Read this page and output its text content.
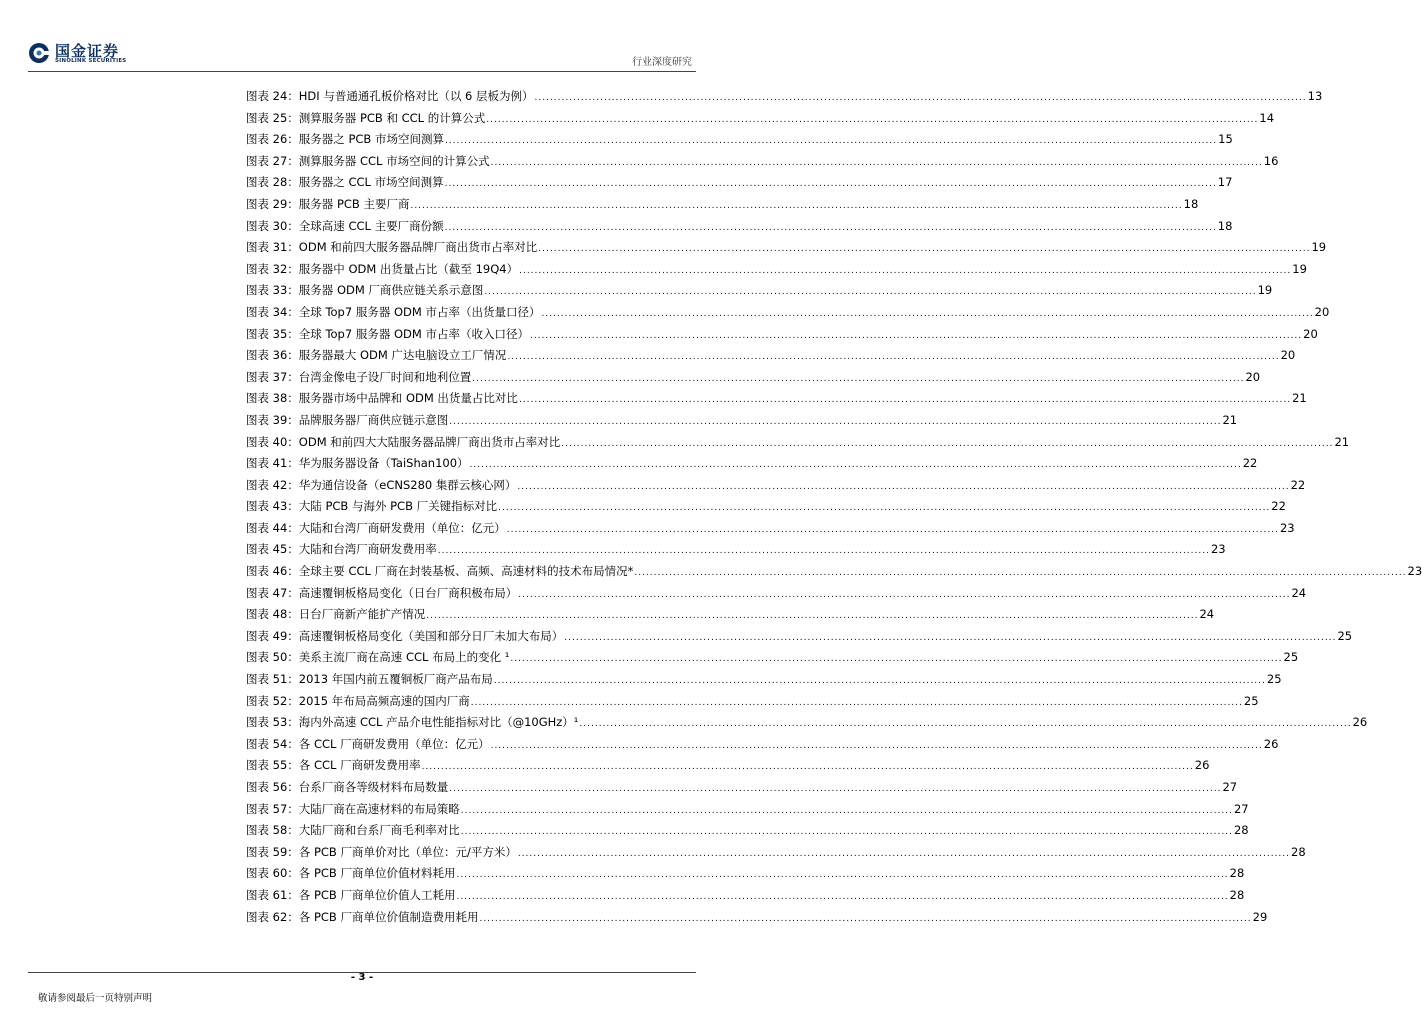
国金证券
SINOLINK SECURITIES	行业深度研究
图表 24：HDI 与普通通孔板价格对比（以 6 层板为例） ........................................................................................................................................................................................................ 13
图表 25：测算服务器 PCB 和 CCL 的计算公式 ........................................................................................................................................................................................................ 14
图表 26：服务器之 PCB 市场空间测算 ........................................................................................................................................................................................................ 15
图表 27：测算服务器 CCL 市场空间的计算公式 ........................................................................................................................................................................................................ 16
图表 28：服务器之 CCL 市场空间测算 ........................................................................................................................................................................................................ 17
图表 29：服务器 PCB 主要厂商 ........................................................................................................................................................................................................ 18
图表 30：全球高速 CCL 主要厂商份额 ........................................................................................................................................................................................................ 18
图表 31：ODM 和前四大服务器品牌厂商出货市占率对比 ........................................................................................................................................................................................................ 19
图表 32：服务器中 ODM 出货量占比（截至 19Q4） ........................................................................................................................................................................................................ 19
图表 33：服务器 ODM 厂商供应链关系示意图 ........................................................................................................................................................................................................ 19
图表 34：全球 Top7 服务器 ODM 市占率（出货量口径） ........................................................................................................................................................................................................ 20
图表 35：全球 Top7 服务器 ODM 市占率（收入口径） ........................................................................................................................................................................................................ 20
图表 36：服务器最大 ODM 广达电脑设立工厂情况 ........................................................................................................................................................................................................ 20
图表 37：台湾金像电子设厂时间和地利位置 ........................................................................................................................................................................................................ 20
图表 38：服务器市场中品牌和 ODM 出货量占比对比 ........................................................................................................................................................................................................ 21
图表 39：品牌服务器厂商供应链示意图 ........................................................................................................................................................................................................ 21
图表 40：ODM 和前四大大陆服务器品牌厂商出货市占率对比 ........................................................................................................................................................................................................ 21
图表 41：华为服务器设备（TaiShan100） ........................................................................................................................................................................................................ 22
图表 42：华为通信设备（eCNS280 集群云核心网） ........................................................................................................................................................................................................ 22
图表 43：大陆 PCB 与海外 PCB 厂关键指标对比 ........................................................................................................................................................................................................ 22
图表 44：大陆和台湾厂商研发费用（单位：亿元） ........................................................................................................................................................................................................ 23
图表 45：大陆和台湾厂商研发费用率 ........................................................................................................................................................................................................ 23
图表 46：全球主要 CCL 厂商在封装基板、高频、高速材料的技术布局情况* ........................................................................................................................................................................................................ 23
图表 47：高速覆铜板格局变化（日台厂商积极布局） ........................................................................................................................................................................................................ 24
图表 48：日台厂商新产能扩产情况 ........................................................................................................................................................................................................ 24
图表 49：高速覆铜板格局变化（美国和部分日厂未加大布局） ........................................................................................................................................................................................................ 25
图表 50：美系主流厂商在高速 CCL 布局上的变化 ¹ ........................................................................................................................................................................................................ 25
图表 51：2013 年国内前五覆铜板厂商产品布局 ........................................................................................................................................................................................................ 25
图表 52：2015 年布局高频高速的国内厂商 ........................................................................................................................................................................................................ 25
图表 53：海内外高速 CCL 产品介电性能指标对比（@10GHz）¹ ........................................................................................................................................................................................................ 26
图表 54：各 CCL 厂商研发费用（单位：亿元） ........................................................................................................................................................................................................ 26
图表 55：各 CCL 厂商研发费用率 ........................................................................................................................................................................................................ 26
图表 56：台系厂商各等级材料布局数量 ........................................................................................................................................................................................................ 27
图表 57：大陆厂商在高速材料的布局策略 ........................................................................................................................................................................................................ 27
图表 58：大陆厂商和台系厂商毛利率对比 ........................................................................................................................................................................................................ 28
图表 59：各 PCB 厂商单价对比（单位：元/平方米） ........................................................................................................................................................................................................ 28
图表 60：各 PCB 厂商单位价值材料耗用 ........................................................................................................................................................................................................ 28
图表 61：各 PCB 厂商单位价值人工耗用 ........................................................................................................................................................................................................ 28
图表 62：各 PCB 厂商单位价值制造费用耗用 ........................................................................................................................................................................................................ 29
- 3 -
敬请参阅最后一页特别声明
